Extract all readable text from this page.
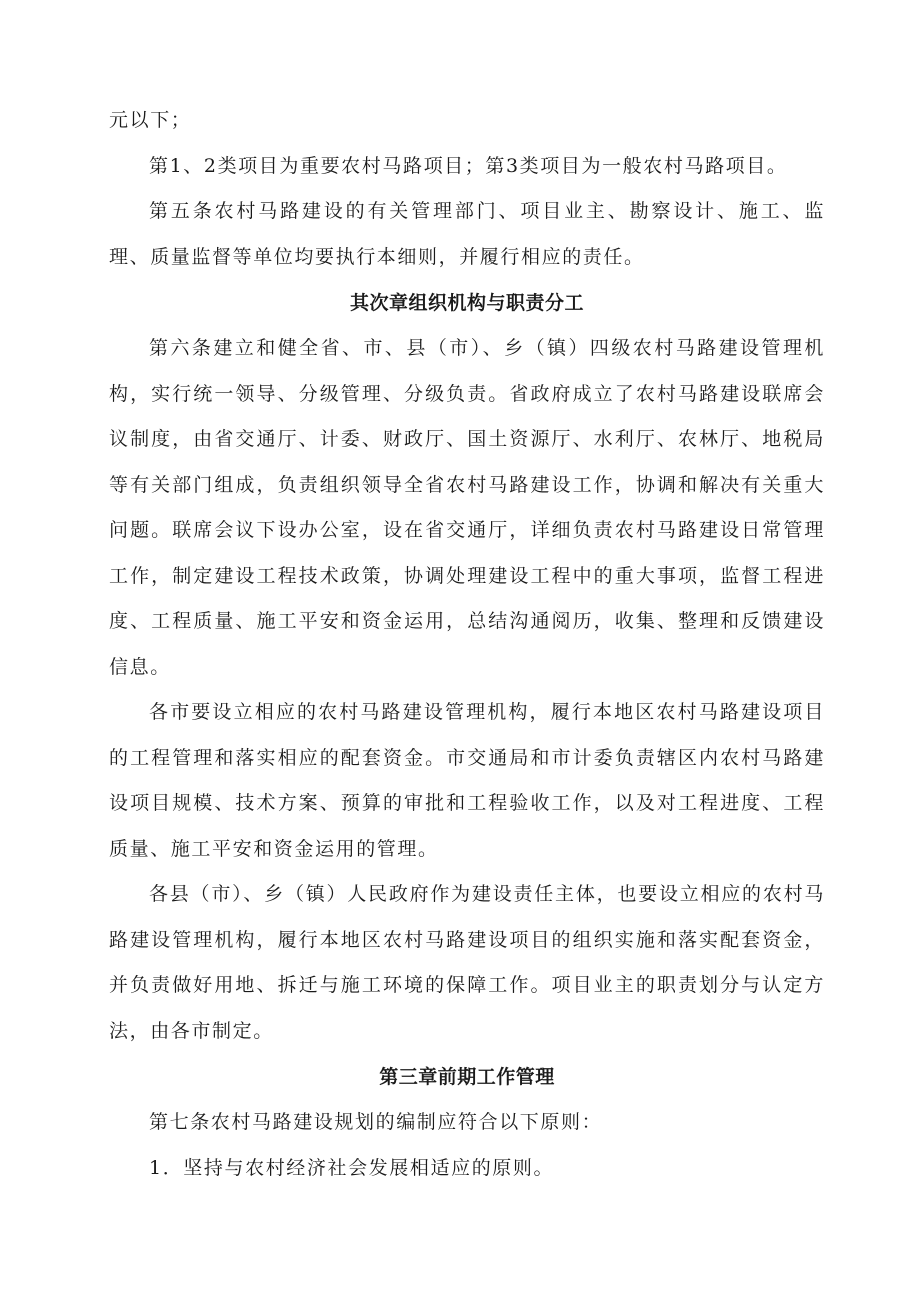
元以下；

第1、2类项目为重要农村马路项目；第3类项目为一般农村马路项目。

第五条农村马路建设的有关管理部门、项目业主、勘察设计、施工、监理、质量监督等单位均要执行本细则，并履行相应的责任。

其次章组织机构与职责分工

第六条建立和健全省、市、县（市）、乡（镇）四级农村马路建设管理机构，实行统一领导、分级管理、分级负责。省政府成立了农村马路建设联席会议制度，由省交通厅、计委、财政厅、国土资源厅、水利厅、农林厅、地税局等有关部门组成，负责组织领导全省农村马路建设工作，协调和解决有关重大问题。联席会议下设办公室，设在省交通厅，详细负责农村马路建设日常管理工作，制定建设工程技术政策，协调处理建设工程中的重大事项，监督工程进度、工程质量、施工平安和资金运用，总结沟通阅历，收集、整理和反馈建设信息。

各市要设立相应的农村马路建设管理机构，履行本地区农村马路建设项目的工程管理和落实相应的配套资金。市交通局和市计委负责辖区内农村马路建设项目规模、技术方案、预算的审批和工程验收工作，以及对工程进度、工程质量、施工平安和资金运用的管理。

各县（市）、乡（镇）人民政府作为建设责任主体，也要设立相应的农村马路建设管理机构，履行本地区农村马路建设项目的组织实施和落实配套资金，并负责做好用地、拆迁与施工环境的保障工作。项目业主的职责划分与认定方法，由各市制定。

第三章前期工作管理

第七条农村马路建设规划的编制应符合以下原则：

1．坚持与农村经济社会发展相适应的原则。
